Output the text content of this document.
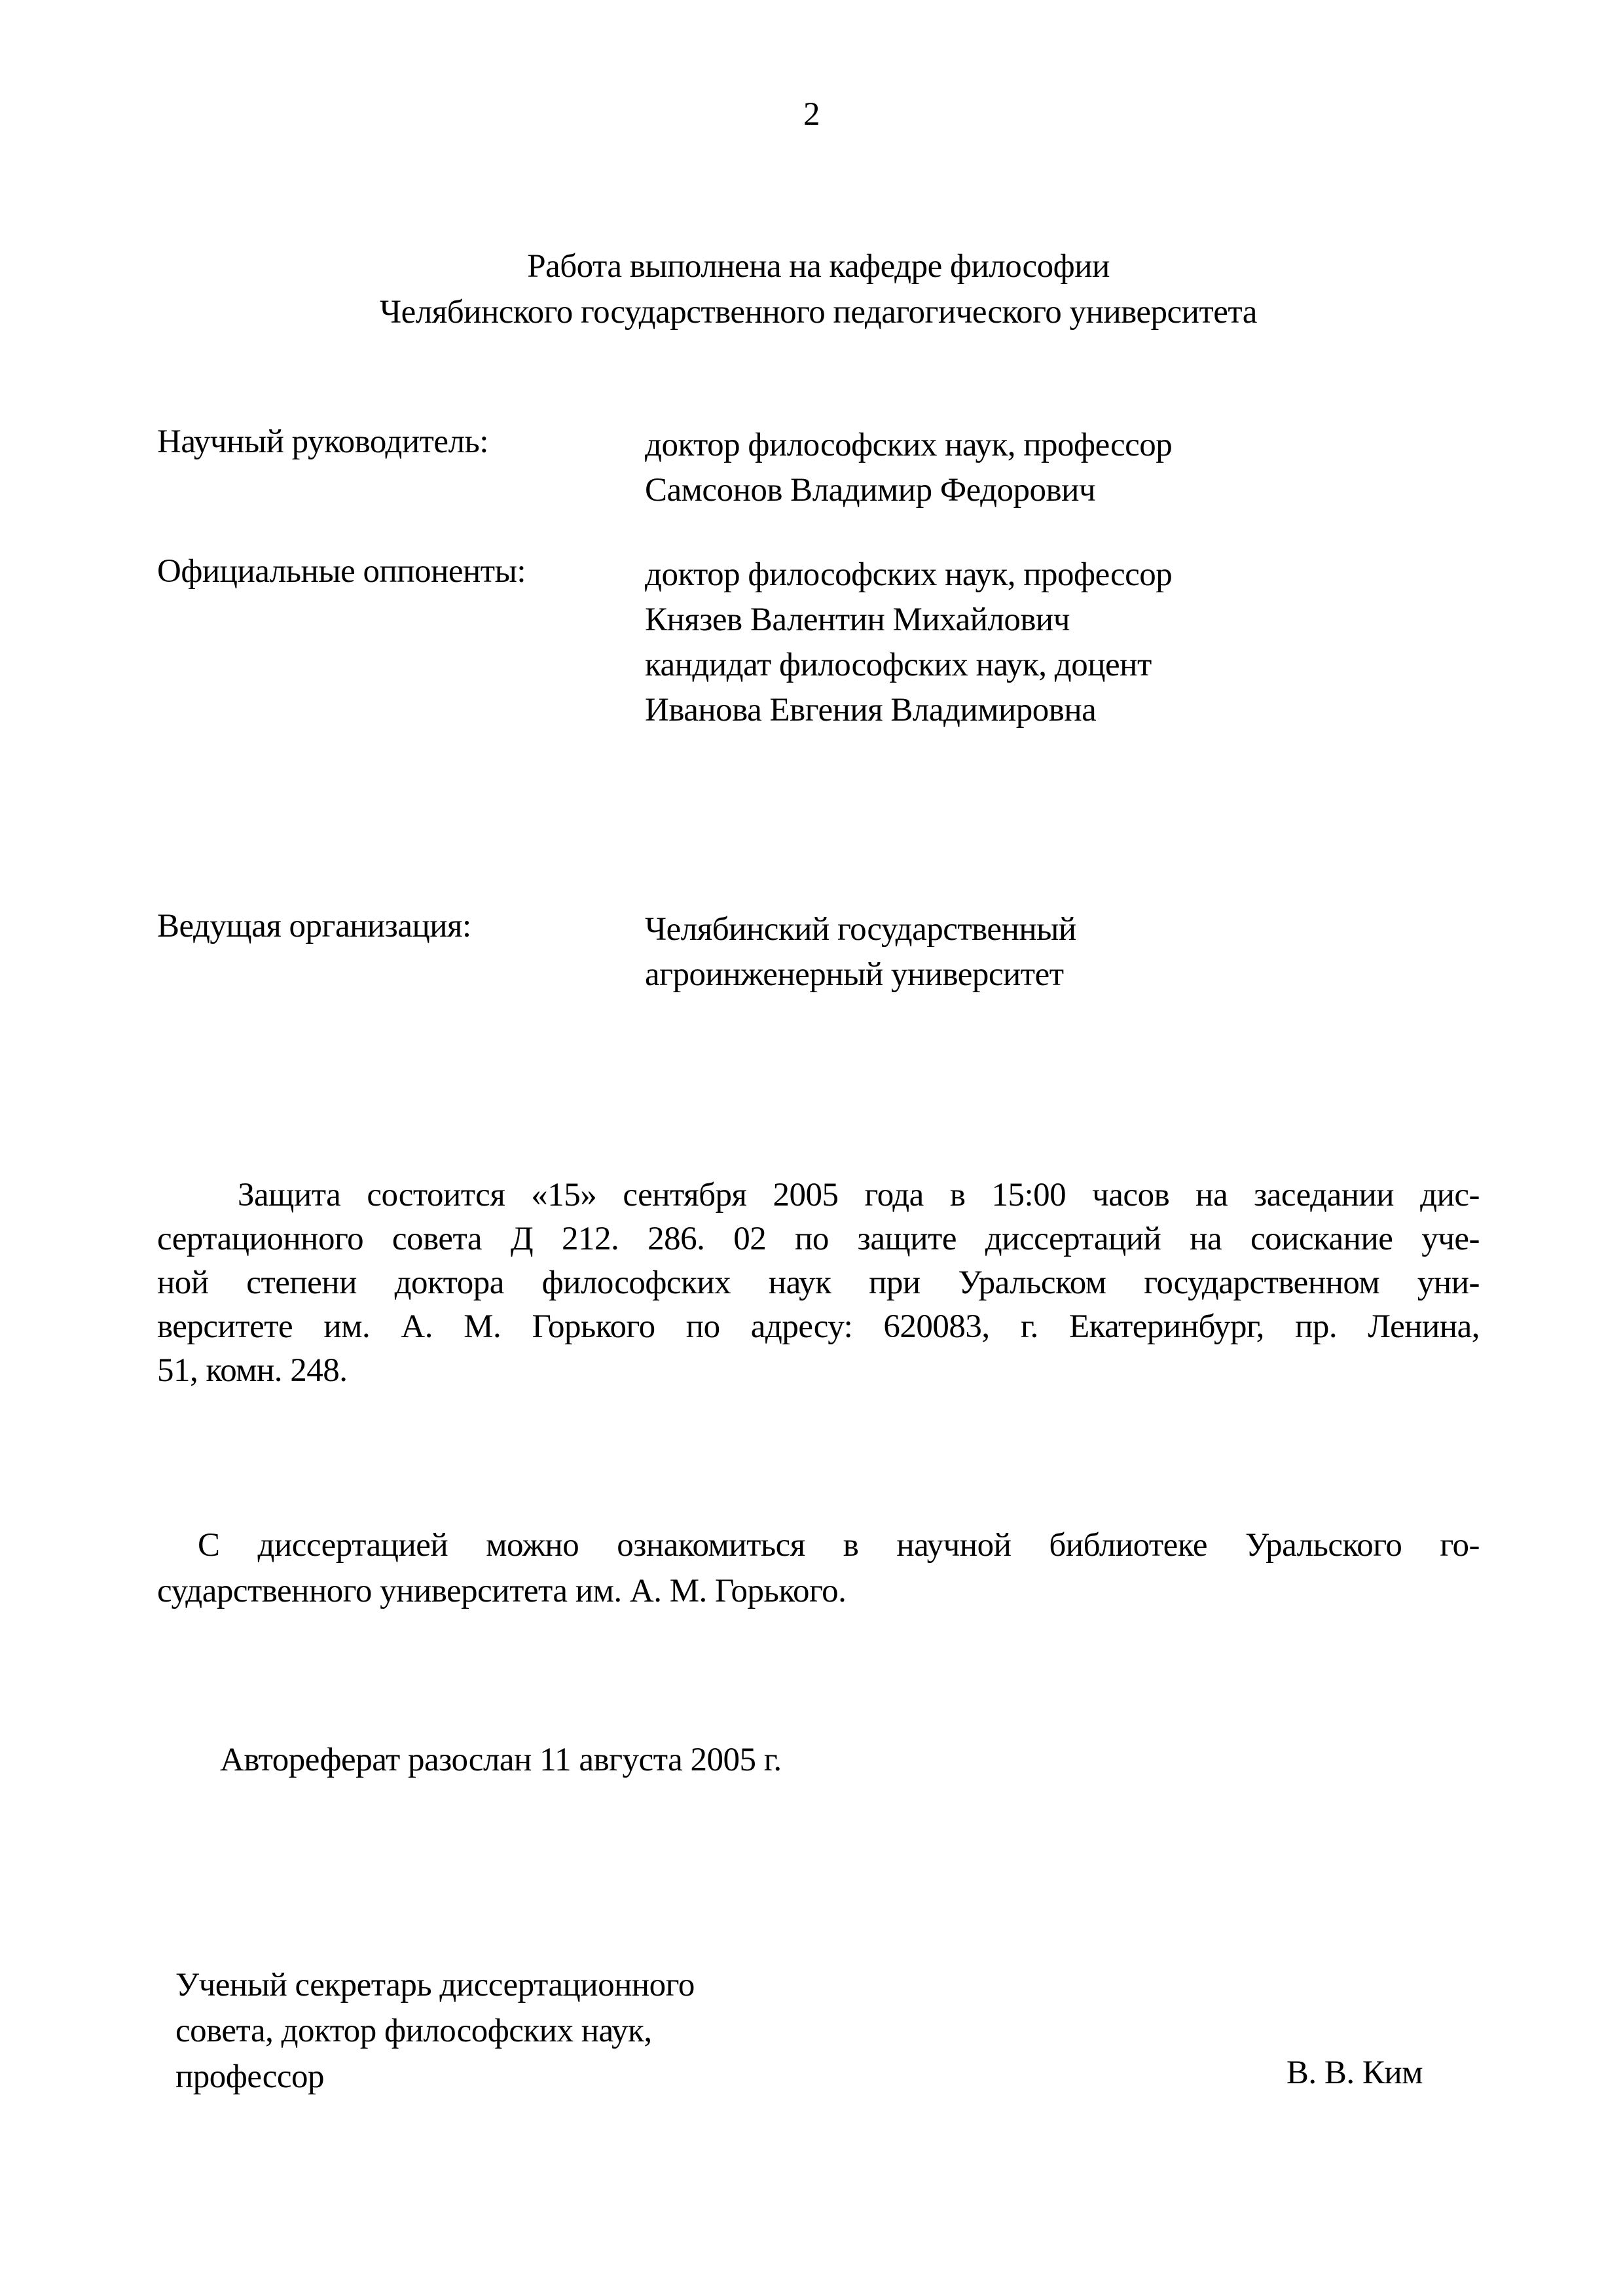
2
Работа выполнена на кафедре философии
Челябинского государственного педагогического университета
Научный руководитель:	доктор философских наук, профессор
Самсонов Владимир Федорович
Официальные оппоненты:	доктор философских наук, профессор
Князев Валентин Михайлович
кандидат философских наук, доцент
Иванова Евгения Владимировна
Ведущая организация:	Челябинский государственный
агроинженерный университет
Защита состоится «15» сентября 2005 года в 15:00 часов на заседании дис-
сертационного совета Д 212. 286. 02 по защите диссертаций на соискание уче-
ной степени доктора философских наук при Уральском государственном уни-
верситете им. А. М. Горького по адресу: 620083, г. Екатеринбург, пр. Ленина,
51, комн. 248.
С диссертацией можно ознакомиться в научной библиотеке Уральского го-
сударственного университета им. А. М. Горького.
Автореферат разослан 11 августа 2005 г.
Ученый секретарь диссертационного
совета, доктор философских наук,
профессор	В. В. Ким
